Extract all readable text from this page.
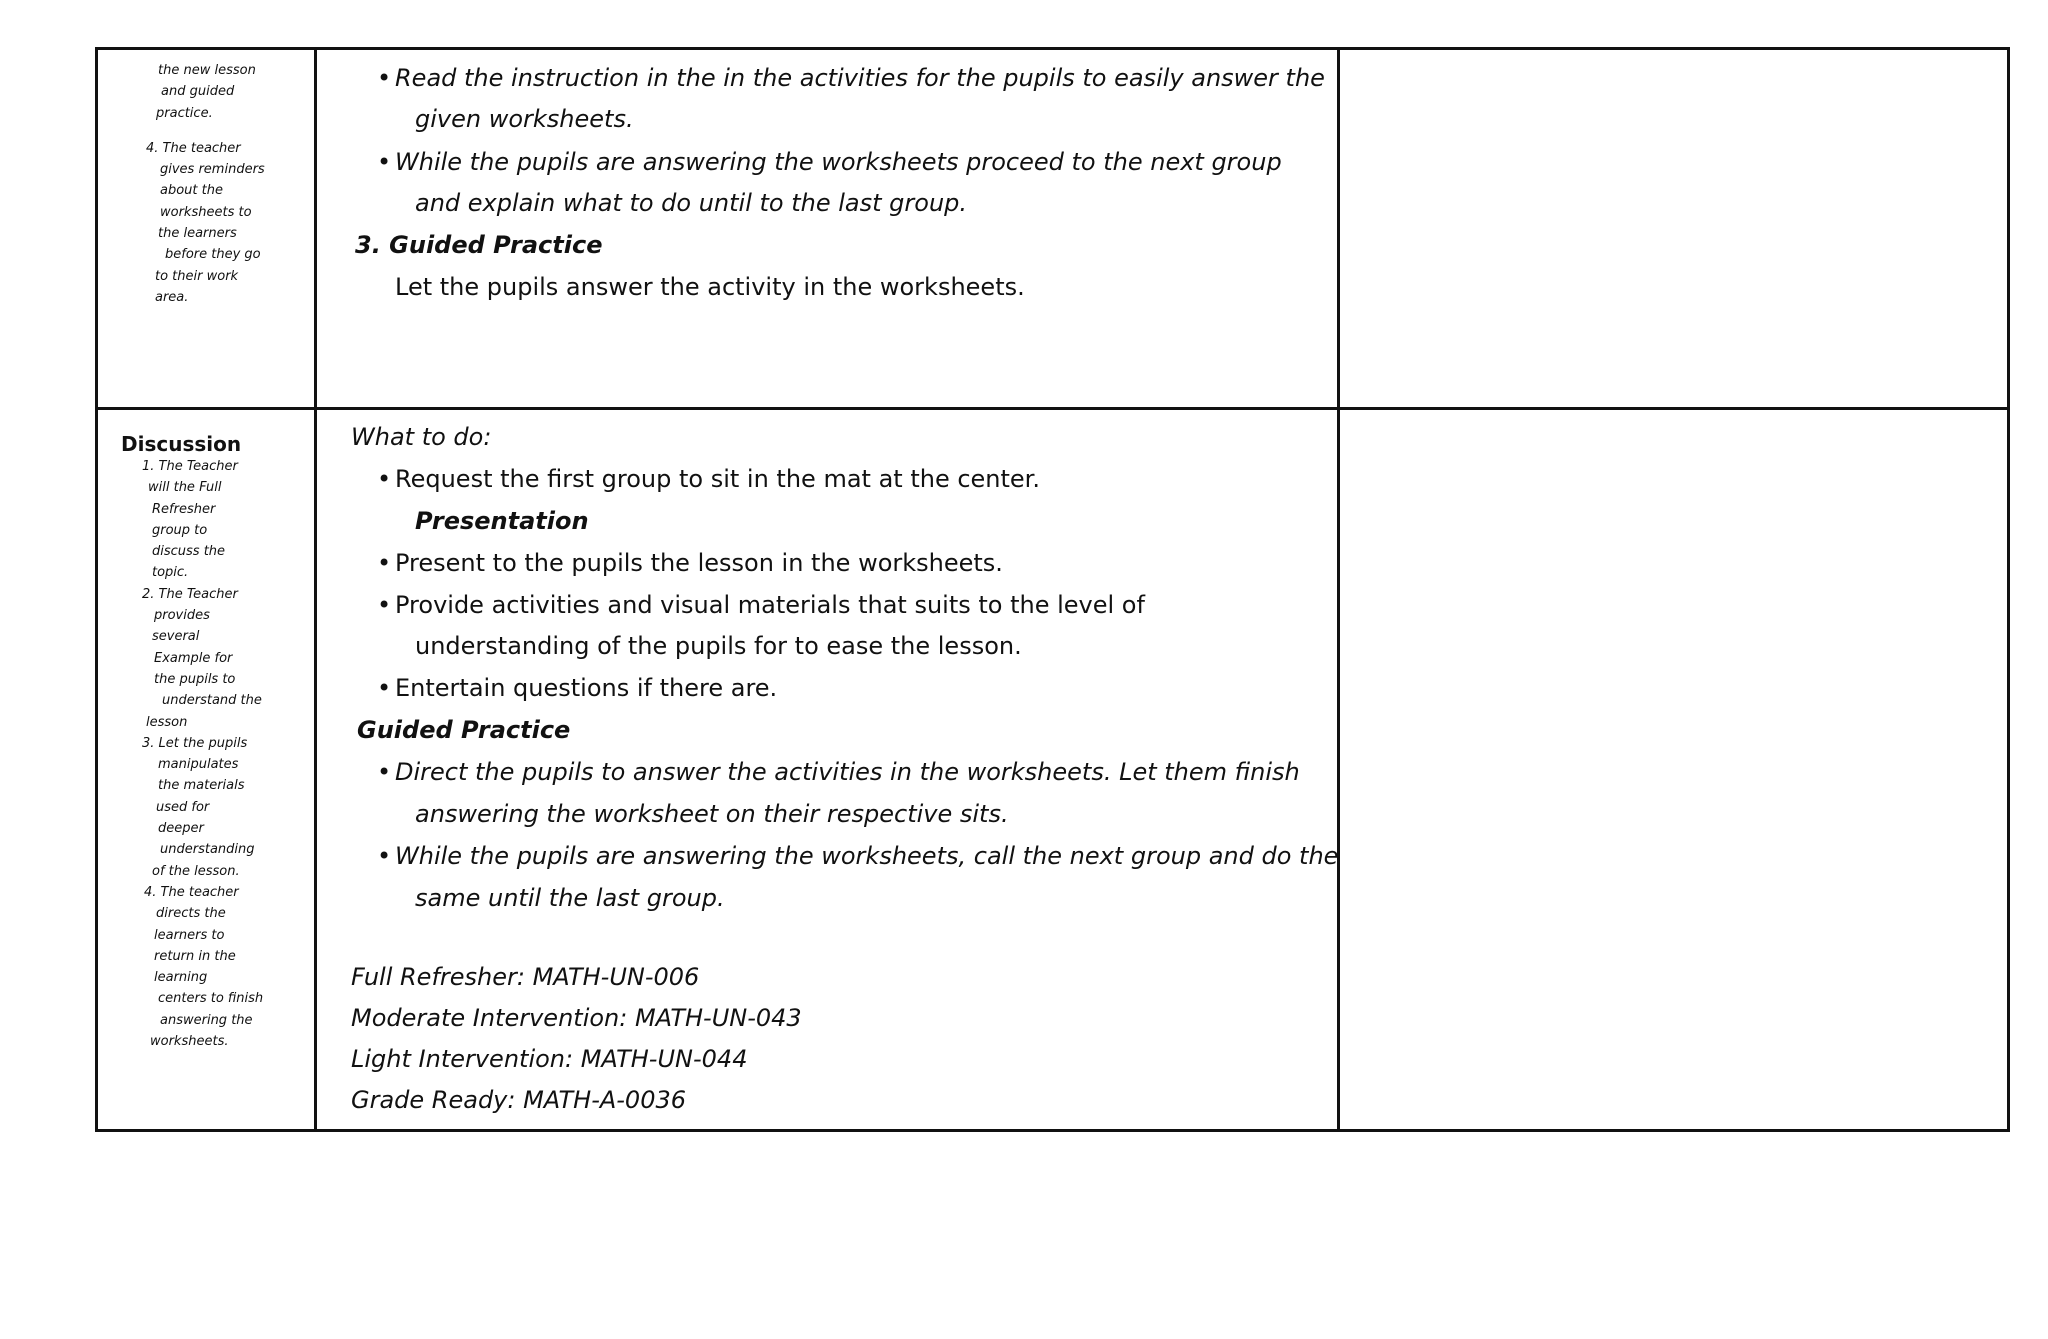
the new lesson
and guided
practice.
4. The teacher
gives reminders
about the
worksheets to
the learners
before they go
to their work
area.
• Read the instruction in the in the activities for the pupils to easily answer the
given worksheets.
• While the pupils are answering the worksheets proceed to the next group
and explain what to do until to the last group.
3. Guided Practice
Let the pupils answer the activity in the worksheets.
Discussion
1. The Teacher
will the Full
Refresher
group to
discuss the
topic.
2. The Teacher
provides
several
Example for
the pupils to
understand the
lesson
3. Let the pupils
manipulates
the materials
used for
deeper
understanding
of the lesson.
4. The teacher
directs the
learners to
return in the
learning
centers to finish
answering the
worksheets.
What to do:
• Request the first group to sit in the mat at the center.
Presentation
• Present to the pupils the lesson in the worksheets.
• Provide activities and visual materials that suits to the level of
understanding of the pupils for to ease the lesson.
• Entertain questions if there are.
Guided Practice
• Direct the pupils to answer the activities in the worksheets. Let them finish
answering the worksheet on their respective sits.
• While the pupils are answering the worksheets, call the next group and do the
same until the last group.
Full Refresher: MATH-UN-006
Moderate Intervention: MATH-UN-043
Light Intervention: MATH-UN-044
Grade Ready: MATH-A-0036
